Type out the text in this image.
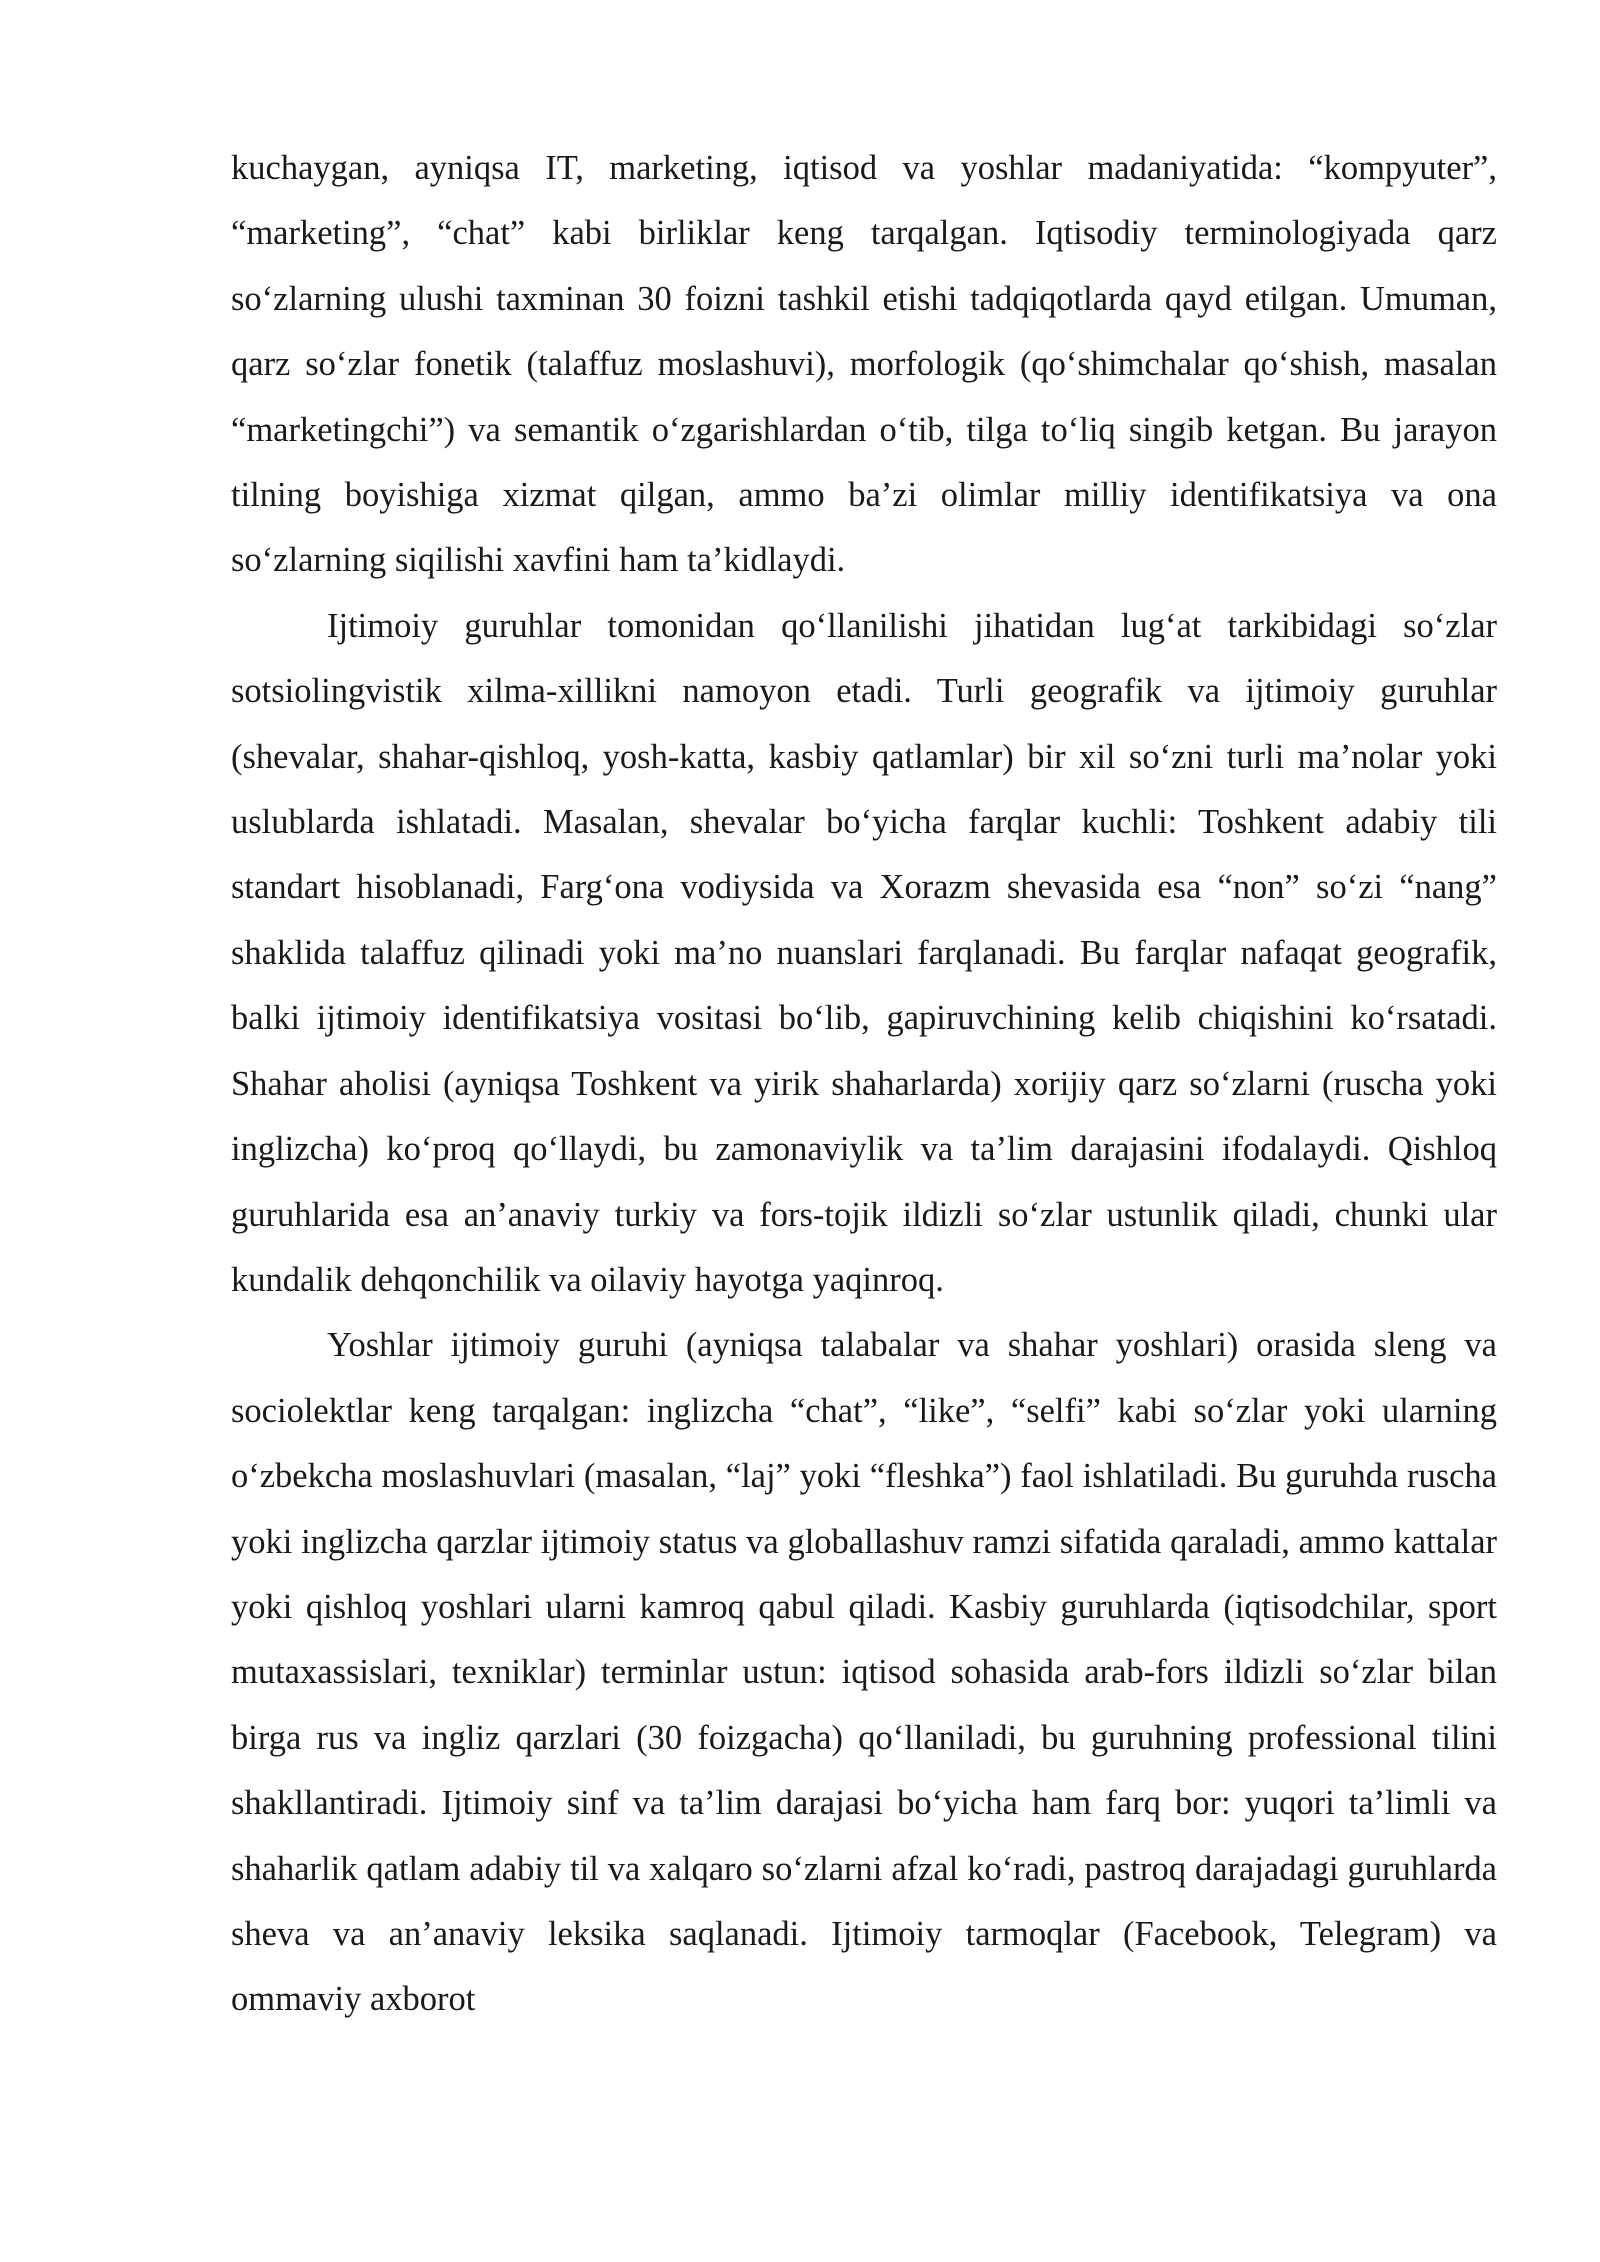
kuchaygan, ayniqsa IT, marketing, iqtisod va yoshlar madaniyatida: “kompyuter”, “marketing”, “chat” kabi birliklar keng tarqalgan. Iqtisodiy terminologiyada qarz so‘zlarning ulushi taxminan 30 foizni tashkil etishi tadqiqotlarda qayd etilgan. Umuman, qarz so‘zlar fonetik (talaffuz moslashuvi), morfologik (qo‘shimchalar qo‘shish, masalan “marketingchi”) va semantik o‘zgarishlardan o‘tib, tilga to‘liq singib ketgan. Bu jarayon tilning boyishiga xizmat qilgan, ammo ba’zi olimlar milliy identifikatsiya va ona so‘zlarning siqilishi xavfini ham ta’kidlaydi.

Ijtimoiy guruhlar tomonidan qo‘llanilishi jihatidan lug‘at tarkibidagi so‘zlar sotsiolingvistik xilma-xillikni namoyon etadi. Turli geografik va ijtimoiy guruhlar (shevalar, shahar-qishloq, yosh-katta, kasbiy qatlamlar) bir xil so‘zni turli ma’nolar yoki uslublarda ishlatadi. Masalan, shevalar bo‘yicha farqlar kuchli: Toshkent adabiy tili standart hisoblanadi, Farg‘ona vodiysida va Xorazm shevasida esa “non” so‘zi “nang” shaklida talaffuz qilinadi yoki ma’no nuanslari farqlanadi. Bu farqlar nafaqat geografik, balki ijtimoiy identifikatsiya vositasi bo‘lib, gapiruvchining kelib chiqishini ko‘rsatadi. Shahar aholisi (ayniqsa Toshkent va yirik shaharlarda) xorijiy qarz so‘zlarni (ruscha yoki inglizcha) ko‘proq qo‘llaydi, bu zamonaviylik va ta’lim darajasini ifodalaydi. Qishloq guruhlarida esa an’anaviy turkiy va fors-tojik ildizli so‘zlar ustunlik qiladi, chunki ular kundalik dehqonchilik va oilaviy hayotga yaqinroq.

Yoshlar ijtimoiy guruhi (ayniqsa talabalar va shahar yoshlari) orasida sleng va sociolektlar keng tarqalgan: inglizcha “chat”, “like”, “selfi” kabi so‘zlar yoki ularning o‘zbekcha moslashuvlari (masalan, “laj” yoki “fleshka”) faol ishlatiladi. Bu guruhda ruscha yoki inglizcha qarzlar ijtimoiy status va globallashuv ramzi sifatida qaraladi, ammo kattalar yoki qishloq yoshlari ularni kamroq qabul qiladi. Kasbiy guruhlarda (iqtisodchilar, sport mutaxassislari, texniklar) terminlar ustun: iqtisod sohasida arab-fors ildizli so‘zlar bilan birga rus va ingliz qarzlari (30 foizgacha) qo‘llaniladi, bu guruhning professional tilini shakllantiradi. Ijtimoiy sinf va ta’lim darajasi bo‘yicha ham farq bor: yuqori ta’limli va shaharlik qatlam adabiy til va xalqaro so‘zlarni afzal ko‘radi, pastroq darajadagi guruhlarda sheva va an’anaviy leksika saqlanadi. Ijtimoiy tarmoqlar (Facebook, Telegram) va ommaviy axborot
